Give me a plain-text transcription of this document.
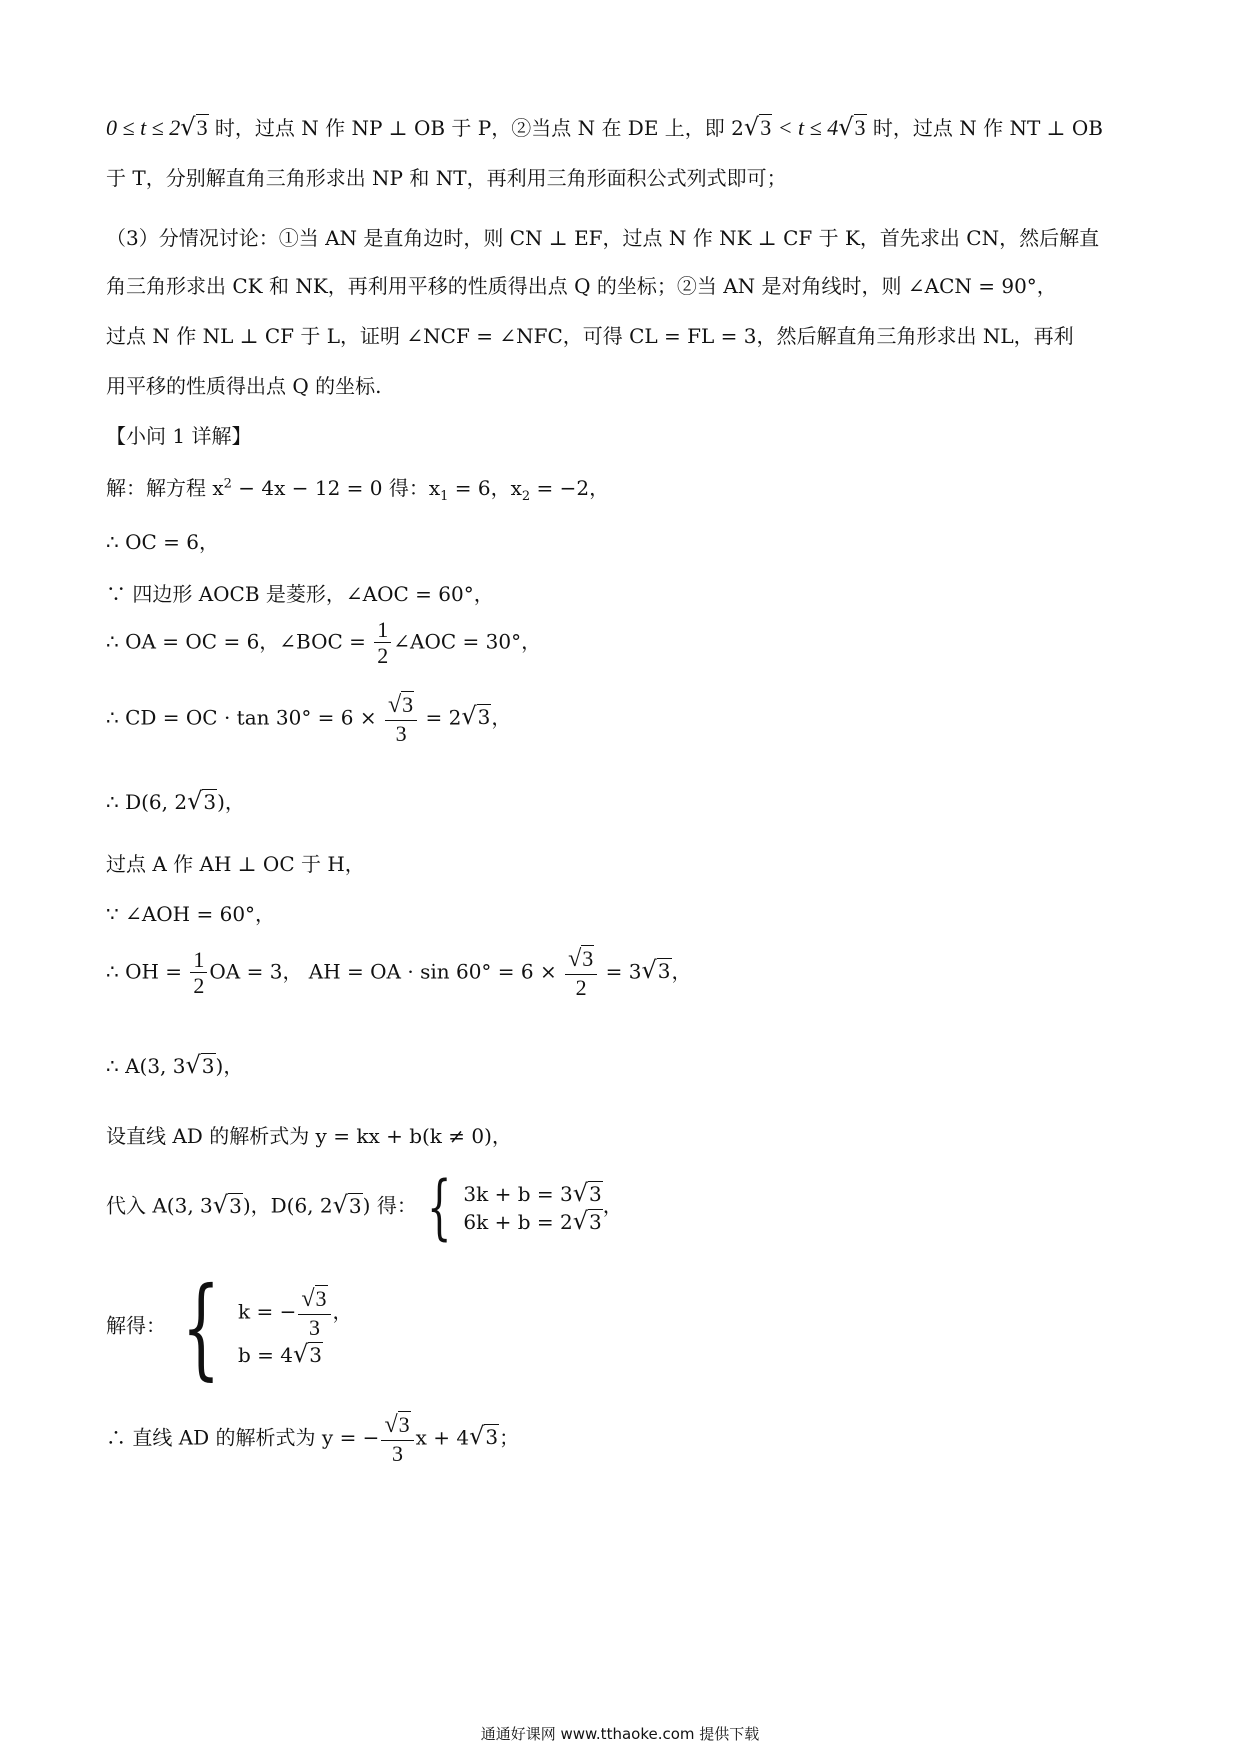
0 ≤ t ≤ 2√3 时，过点 N 作 NP ⊥ OB 于 P，②当点 N 在 DE 上，即 2√3 < t ≤ 4√3 时，过点 N 作 NT ⊥ OB
于 T，分别解直角三角形求出 NP 和 NT，再利用三角形面积公式列式即可；
（3）分情况讨论：①当 AN 是直角边时，则 CN ⊥ EF，过点 N 作 NK ⊥ CF 于 K，首先求出 CN，然后解直
角三角形求出 CK 和 NK，再利用平移的性质得出点 Q 的坐标；②当 AN 是对角线时，则 ∠ACN = 90°，
过点 N 作 NL ⊥ CF 于 L，证明 ∠NCF = ∠NFC，可得 CL = FL = 3，然后解直角三角形求出 NL，再利
用平移的性质得出点 Q 的坐标.
【小问 1 详解】
解：解方程 $x^2 - 4x - 12 = 0$ 得：$x_1 = 6$，$x_2 = -2$，
∴ OC = 6，
∵ 四边形 AOCB 是菱形，∠AOC = 60°，
∴ OA = OC = 6，∠BOC = $\frac{1}{2}$ ∠AOC = 30°，
∴ CD = OC · $\tan 30^\circ = 6 \times \frac{√3}{3} = 2√3$，
∴ D(6, 2√3)，
过点 A 作 AH ⊥ OC 于 H，
∵ ∠AOH = 60°，
∴ OH = $\frac{1}{2}$ OA = 3， AH = OA · $\sin 60^\circ = 6 \times \frac{√3}{2} = 3√3$，
∴ A(3, 3√3)，
设直线 AD 的解析式为 y = kx + b(k ≠ 0)，
代入 A(3, 3√3)，D(6, 2√3) 得： { 3k + b = 3√3
6k + b = 2√3
，
解得： { k = − $\frac{√3}{3}$ ，
b = 4√3
∴ 直线 AD 的解析式为 y = − $\frac{√3}{3}$ x + 4√3；
通通好课网 www.tthaoke.com 提供下载
